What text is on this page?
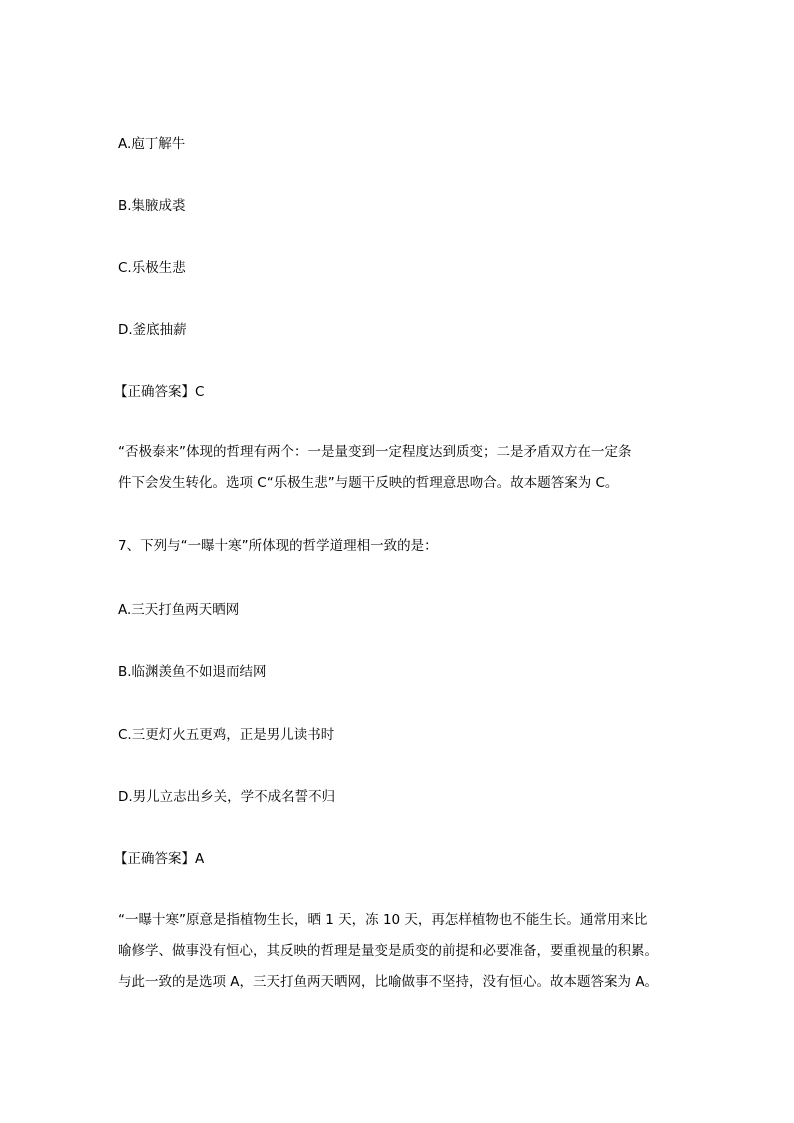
A.庖丁解牛
B.集腋成裘
C.乐极生悲
D.釜底抽薪
【正确答案】C
“否极泰来”体现的哲理有两个：一是量变到一定程度达到质变；二是矛盾双方在一定条
件下会发生转化。选项 C“乐极生悲”与题干反映的哲理意思吻合。故本题答案为 C。
7、下列与“一曝十寒”所体现的哲学道理相一致的是：
A.三天打鱼两天晒网
B.临渊羡鱼不如退而结网
C.三更灯火五更鸡，正是男儿读书时
D.男儿立志出乡关，学不成名誓不归
【正确答案】A
“一曝十寒”原意是指植物生长，晒 1 天，冻 10 天，再怎样植物也不能生长。通常用来比
喻修学、做事没有恒心，其反映的哲理是量变是质变的前提和必要准备，要重视量的积累。
与此一致的是选项 A，三天打鱼两天晒网，比喻做事不坚持，没有恒心。故本题答案为 A。
